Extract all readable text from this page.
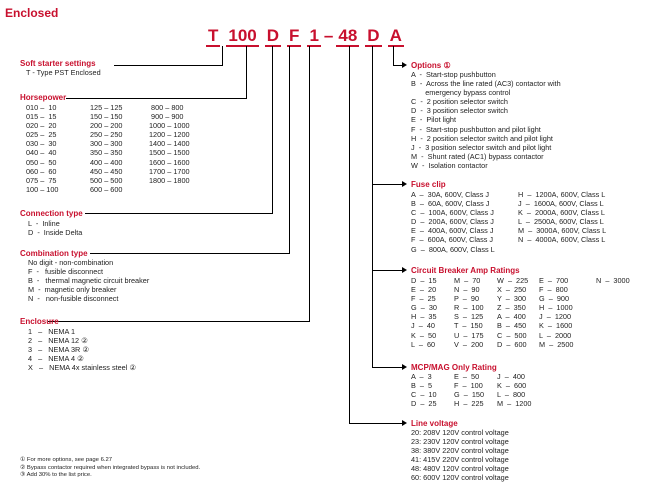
Enclosed
T 100 D F 1 – 48 D A
Soft starter settings
T - Type PST Enclosed
Horsepower
010 –  10
015 –  15
020 –  20
025 –  25
030 –  30
040 –  40
050 –  50
060 –  60
075 –  75
100 – 100
125 – 125
150 – 150
200 – 200
250 – 250
300 – 300
350 – 350
400 – 400
450 – 450
500 – 500
600 – 600
800 – 800
900 – 900
1000 – 1000
1200 – 1200
1400 – 1400
1500 – 1500
1600 – 1600
1700 – 1700
1800 – 1800
Connection type
L  -  Inline
D  -  Inside Delta
Combination type
No digit - non-combination
F  -   fusible disconnect
B  -   thermal magnetic circuit breaker
M  -  magnetic only breaker
N  -   non-fusible disconnect
Enclosure
1   –   NEMA 1
2   –   NEMA 12 ②
3   –   NEMA 3R ②
4   –   NEMA 4 ②
X   –   NEMA 4x stainless steel ②
① For more options, see page 6.27
② Bypass contactor required when integrated bypass is not included.
③ Add 30% to the list price.
Options ①
A  -  Start-stop pushbutton
B  -  Across the line rated (AC3) contactor with
emergency bypass control
C  -  2 position selector switch
D  -  3 position selector switch
E  -  Pilot light
F  -  Start-stop pushbutton and pilot light
H  -  2 position selector switch and pilot light
J  -  3 position selector switch and pilot light
M  -  Shunt rated (AC1) bypass contactor
W  -  Isolation contactor
Fuse clip
A  –  30A, 600V, Class J
B  –  60A, 600V, Class J
C  –  100A, 600V, Class J
D  –  200A, 600V, Class J
E  –  400A, 600V, Class J
F  –  600A, 600V, Class J
G  –  800A, 600V, Class L
H  –  1200A, 600V, Class L
J  –  1600A, 600V, Class L
K  –  2000A, 600V, Class L
L  –  2500A, 600V, Class L
M  –  3000A, 600V, Class L
N  –  4000A, 600V, Class L
Circuit Breaker Amp Ratings
D  –  15
E  –  20
F  –  25
G  –  30
H  –  35
J  –  40
K  –  50
L  –  60
M  –  70
N  –  90
P  –  90
R  –  100
S  –  125
T  –  150
U  –  175
V  –  200
W  –  225
X  –  250
Y  –  300
Z  –  350
A  –  400
B  –  450
C  –  500
D  –  600
E  –  700
F  –  800
G  –  900
H  –  1000
J  –  1200
K  –  1600
L  –  2000
M  –  2500
N  –  3000
MCP/MAG Only Rating
A  –  3
B  –  5
C  –  10
D  –  25
E  –  50
F  –  100
G  –  150
H  –  225
J  –  400
K  –  600
L  –  800
M  –  1200
Line voltage
20: 208V 120V control voltage
23: 230V 120V control voltage
38: 380V 220V control voltage
41: 415V 220V control voltage
48: 480V 120V control voltage
60: 600V 120V control voltage
